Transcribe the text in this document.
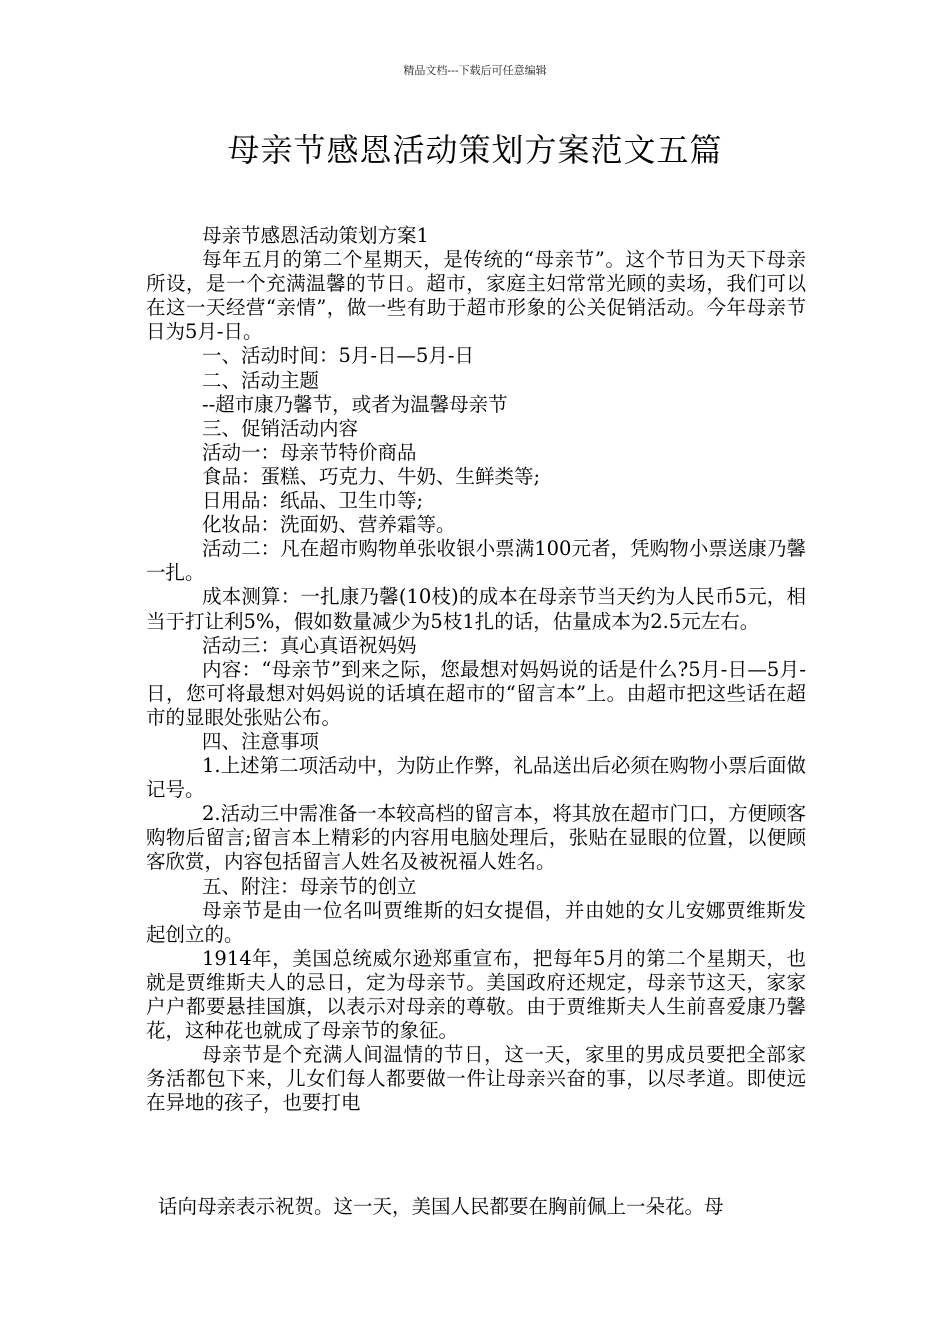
精品文档---下载后可任意编辑
母亲节感恩活动策划方案范文五篇

母亲节感恩活动策划方案1

每年五月的第二个星期天，是传统的“母亲节”。这个节日为天下母亲所设，是一个充满温馨的节日。超市，家庭主妇常常光顾的卖场，我们可以在这一天经营“亲情”，做一些有助于超市形象的公关促销活动。今年母亲节日为5月-日。

一、活动时间：5月-日—5月-日

二、活动主题

--超市康乃馨节，或者为温馨母亲节

三、促销活动内容

活动一：母亲节特价商品

食品：蛋糕、巧克力、牛奶、生鲜类等;

日用品：纸品、卫生巾等;

化妆品：洗面奶、营养霜等。

活动二：凡在超市购物单张收银小票满100元者，凭购物小票送康乃馨一扎。

成本测算：一扎康乃馨(10枝)的成本在母亲节当天约为人民币5元，相当于打让利5%，假如数量减少为5枝1扎的话，估量成本为2.5元左右。

活动三：真心真语祝妈妈

内容：“母亲节”到来之际，您最想对妈妈说的话是什么?5月-日—5月-日，您可将最想对妈妈说的话填在超市的“留言本”上。由超市把这些话在超市的显眼处张贴公布。

四、注意事项

1.上述第二项活动中，为防止作弊，礼品送出后必须在购物小票后面做记号。

2.活动三中需准备一本较高档的留言本，将其放在超市门口，方便顾客购物后留言;留言本上精彩的内容用电脑处理后，张贴在显眼的位置，以便顾客欣赏，内容包括留言人姓名及被祝福人姓名。

五、附注：母亲节的创立

母亲节是由一位名叫贾维斯的妇女提倡，并由她的女儿安娜贾维斯发起创立的。

1914年，美国总统威尔逊郑重宣布，把每年5月的第二个星期天，也就是贾维斯夫人的忌日，定为母亲节。美国政府还规定，母亲节这天，家家户户都要悬挂国旗，以表示对母亲的尊敬。由于贾维斯夫人生前喜爱康乃馨花，这种花也就成了母亲节的象征。

母亲节是个充满人间温情的节日，这一天，家里的男成员要把全部家务活都包下来，儿女们每人都要做一件让母亲兴奋的事，以尽孝道。即使远在异地的孩子，也要打电

话向母亲表示祝贺。这一天，美国人民都要在胸前佩上一朵花。母
